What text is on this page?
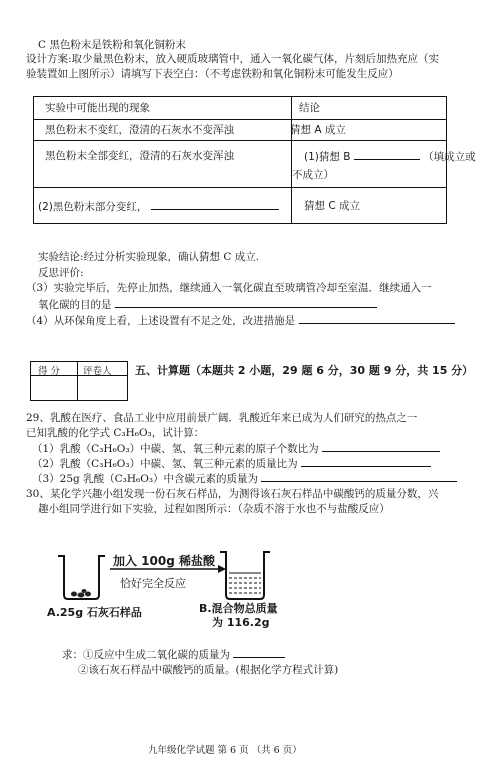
C 黑色粉末是铁粉和氧化铜粉末
设计方案:取少量黑色粉末，放入硬质玻璃管中，通入一氧化碳气体，片刻后加热充应（实
验装置如上图所示）请填写下表空白：（不考虑铁粉和氧化铜粉末可能发生反应）
实验中可能出现的现象	结论
黑色粉末不变红，澄清的石灰水不变浑浊	猜想 A 成立
黑色粉末全部变红，澄清的石灰水变浑浊	(1)猜想 B	（填成立或
不成立）
(2)黑色粉末部分变红，	猜想 C 成立
实验结论:经过分析实验现象，确认猜想 C 成立.
反思评价:
（3）实验完毕后，先停止加热，继续通入一氧化碳直至玻璃管冷却至室温．继续通入一
氧化碳的目的是
（4）从环保角度上看，上述设置有不足之处，改进措施是
得 分 评卷人 五、计算题（本题共 2 小题，29 题 6 分，30 题 9 分，共 15 分）
29、乳酸在医疗、食品工业中应用前景广阔．乳酸近年来已成为人们研究的热点之一
已知乳酸的化学式 C₃H₆O₃，试计算：
（1）乳酸（C₃H₆O₃）中碳、氢、氧三种元素的原子个数比为
（2）乳酸（C₃H₆O₃）中碳、氢、氧三种元素的质量比为
（3）25g 乳酸（C₃H₆O₃）中含碳元素的质量为
30、某化学兴趣小组发现一份石灰石样品，为测得该石灰石样品中碳酸钙的质量分数，兴
趣小组同学进行如下实验，过程如图所示：（杂质不溶于水也不与盐酸反应）
加入 100g 稀盐酸
恰好完全反应
A.25g 石灰石样品	B.混合物总质量
为 116.2g
求：①反应中生成二氧化碳的质量为
②该石灰石样品中碳酸钙的质量。(根据化学方程式计算)
九年级化学试题 第 6 页 （共 6 页）
